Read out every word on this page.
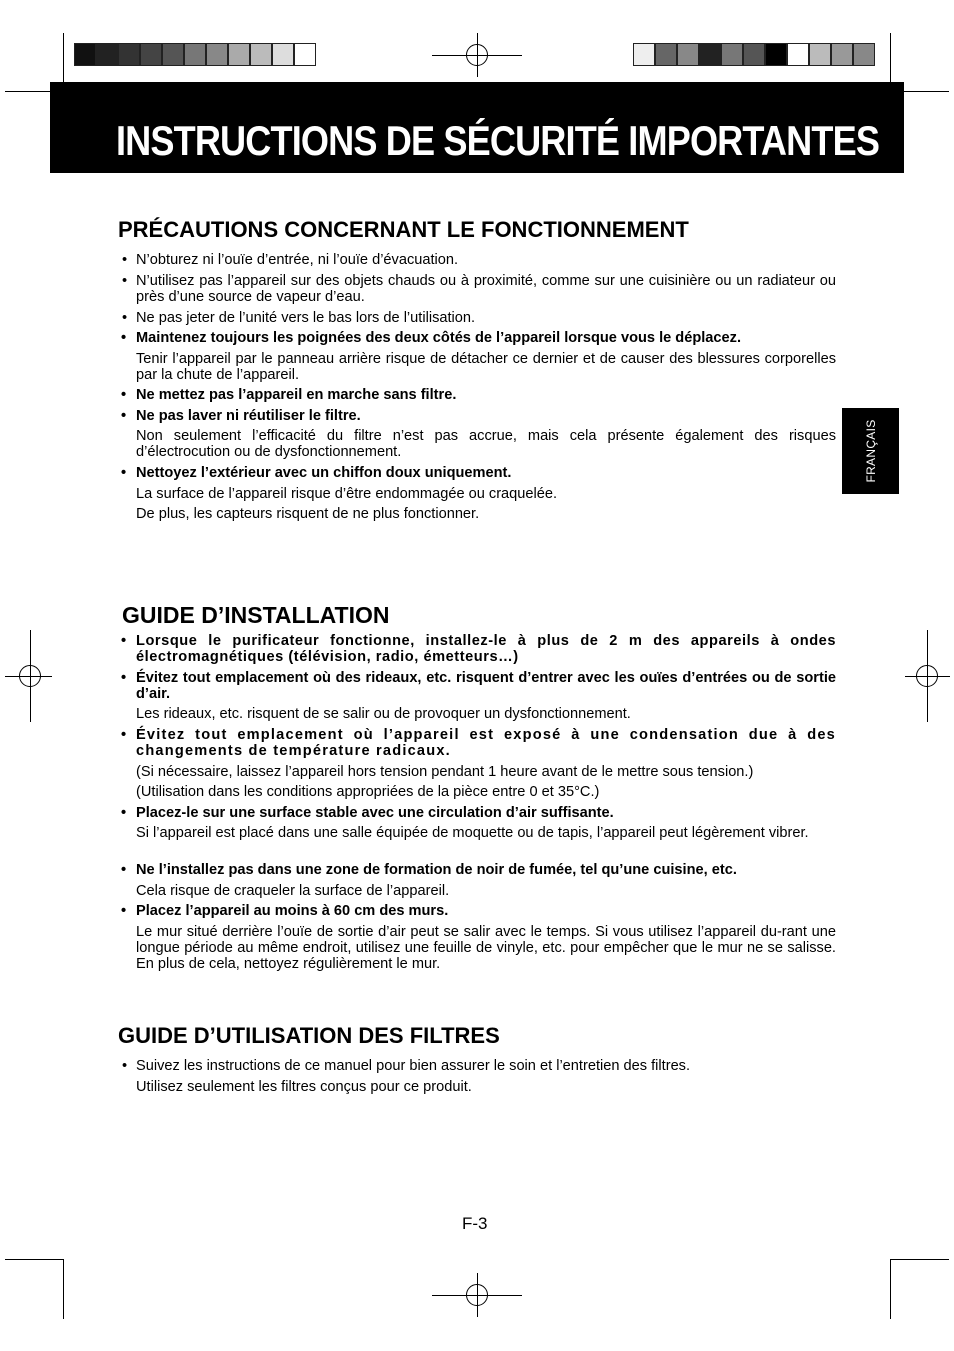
INSTRUCTIONS DE SÉCURITÉ IMPORTANTES
FRANÇAIS
PRÉCAUTIONS CONCERNANT LE FONCTIONNEMENT
• N’obturez ni l’ouïe d’entrée, ni l’ouïe d’évacuation.
• N’utilisez pas l’appareil sur des objets chauds ou à proximité, comme sur une cuisinière ou un radiateur ou près d’une source de vapeur d’eau.
• Ne pas jeter de l’unité vers le bas lors de l’utilisation.
• Maintenez toujours les poignées des deux côtés de l’appareil lorsque vous le déplacez.
Tenir l’appareil par le panneau arrière risque de détacher ce dernier et de causer des blessures corporelles par la chute de l’appareil.
• Ne mettez pas l’appareil en marche sans filtre.
• Ne pas laver ni réutiliser le filtre.
Non seulement l’efficacité du filtre n’est pas accrue, mais cela présente également des risques d’électrocution ou de dysfonctionnement.
• Nettoyez l’extérieur avec un chiffon doux uniquement.
La surface de l’appareil risque d’être endommagée ou craquelée.
De plus, les capteurs risquent de ne plus fonctionner.
GUIDE D’INSTALLATION
• Lorsque le purificateur fonctionne, installez-le à plus de 2 m des appareils à ondes électromagnétiques (télévision, radio, émetteurs…)
• Évitez tout emplacement où des rideaux, etc. risquent d’entrer avec les ouïes d’entrées ou de sortie d’air.
Les rideaux, etc. risquent de se salir ou de provoquer un dysfonctionnement.
• Évitez tout emplacement où l’appareil est exposé à une condensation due à des changements de température radicaux.
(Si nécessaire, laissez l’appareil hors tension pendant 1 heure avant de le mettre sous tension.)
(Utilisation dans les conditions appropriées de la pièce entre 0 et 35°C.)
• Placez-le sur une surface stable avec une circulation d’air suffisante.
Si l’appareil est placé dans une salle équipée de moquette ou de tapis, l’appareil peut légèrement vibrer.
• Ne l’installez pas dans une zone de formation de noir de fumée, tel qu’une cuisine, etc.
Cela risque de craqueler la surface de l’appareil.
• Placez l’appareil au moins à 60 cm des murs.
Le mur situé derrière l’ouïe de sortie d’air peut se salir avec le temps. Si vous utilisez l’appareil du-rant une longue période au même endroit, utilisez une feuille de vinyle, etc. pour empêcher que le mur ne se salisse. En plus de cela, nettoyez régulièrement le mur.
GUIDE D’UTILISATION DES FILTRES
• Suivez les instructions de ce manuel pour bien assurer le soin et l’entretien des filtres.
Utilisez seulement les filtres conçus pour ce produit.
F-3
